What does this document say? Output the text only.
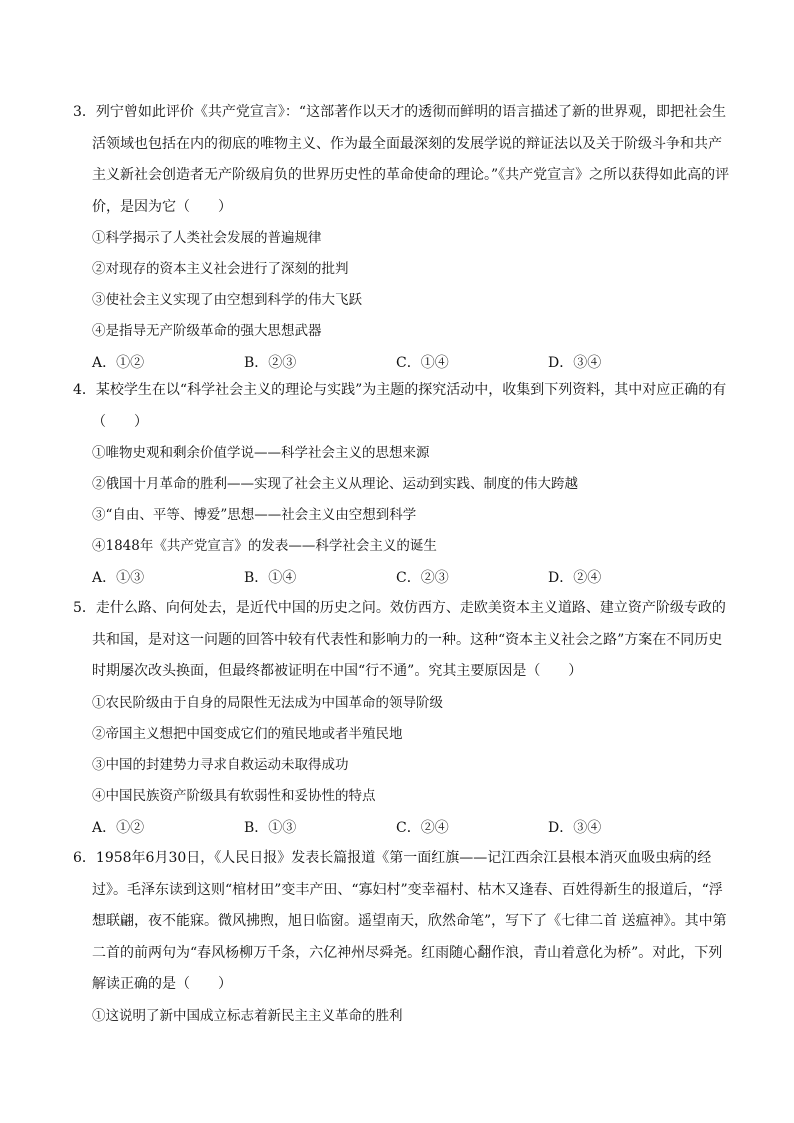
3．列宁曾如此评价《共产党宣言》：“这部著作以天才的透彻而鲜明的语言描述了新的世界观，即把社会生活领域也包括在内的彻底的唯物主义、作为最全面最深刻的发展学说的辩证法以及关于阶级斗争和共产主义新社会创造者无产阶级肩负的世界历史性的革命使命的理论。”《共产党宣言》之所以获得如此高的评价，是因为它（　　）

①科学揭示了人类社会发展的普遍规律

②对现存的资本主义社会进行了深刻的批判

③使社会主义实现了由空想到科学的伟大飞跃

④是指导无产阶级革命的强大思想武器

A．①②	B．②③	C．①④	D．③④

4．某校学生在以“科学社会主义的理论与实践”为主题的探究活动中，收集到下列资料，其中对应正确的有（　　）

①唯物史观和剩余价值学说——科学社会主义的思想来源

②俄国十月革命的胜利——实现了社会主义从理论、运动到实践、制度的伟大跨越

③“自由、平等、博爱”思想——社会主义由空想到科学

④1848年《共产党宣言》的发表——科学社会主义的诞生

A．①③	B．①④	C．②③	D．②④

5．走什么路、向何处去，是近代中国的历史之问。效仿西方、走欧美资本主义道路、建立资产阶级专政的共和国，是对这一问题的回答中较有代表性和影响力的一种。这种“资本主义社会之路”方案在不同历史时期屡次改头换面，但最终都被证明在中国“行不通”。究其主要原因是（　　）

①农民阶级由于自身的局限性无法成为中国革命的领导阶级

②帝国主义想把中国变成它们的殖民地或者半殖民地

③中国的封建势力寻求自救运动未取得成功

④中国民族资产阶级具有软弱性和妥协性的特点

A．①②	B．①③	C．②④	D．③④

6．1958年6月30日，《人民日报》发表长篇报道《第一面红旗——记江西余江县根本消灭血吸虫病的经过》。毛泽东读到这则“棺材田”变丰产田、“寡妇村”变幸福村、枯木又逢春、百姓得新生的报道后，“浮想联翩，夜不能寐。微风拂煦，旭日临窗。遥望南天，欣然命笔”，写下了《七律二首 送瘟神》。其中第二首的前两句为“春风杨柳万千条，六亿神州尽舜尧。红雨随心翻作浪，青山着意化为桥”。对此，下列解读正确的是（　　）

①这说明了新中国成立标志着新民主主义革命的胜利
